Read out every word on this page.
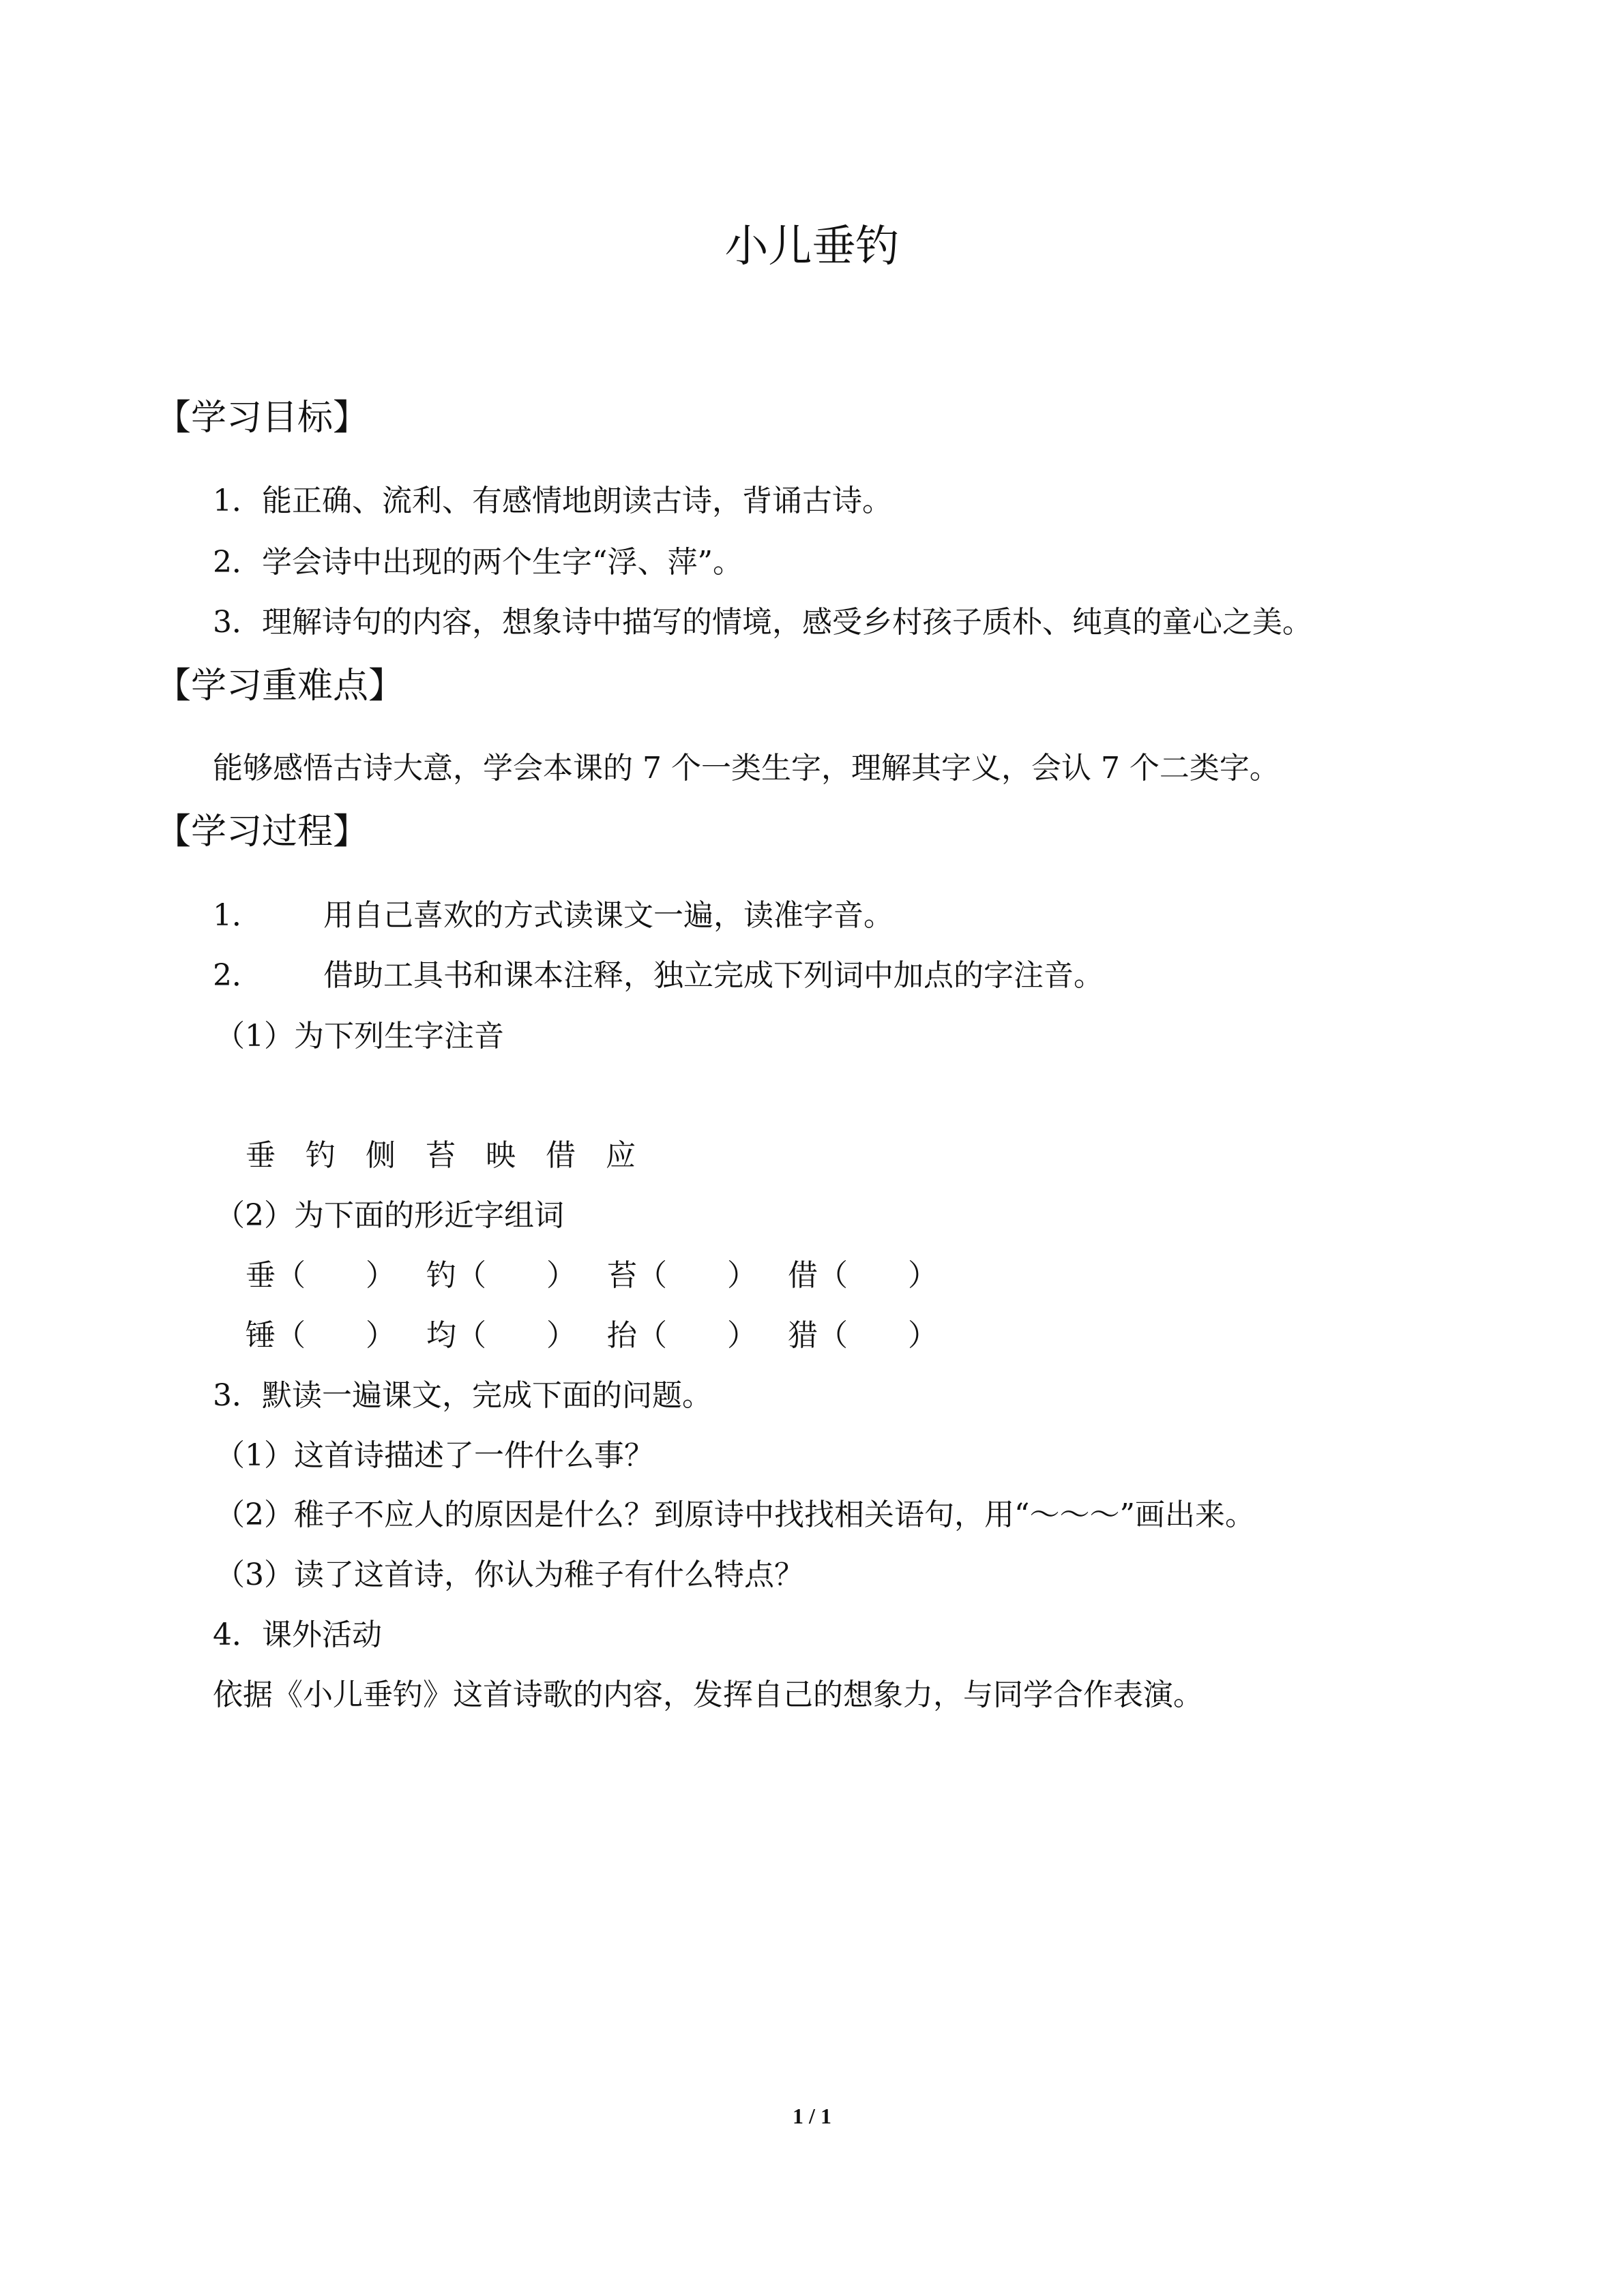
小儿垂钓
【学习目标】
1．能正确、流利、有感情地朗读古诗，背诵古诗。
2．学会诗中出现的两个生字“浮、萍”。
3．理解诗句的内容，想象诗中描写的情境，感受乡村孩子质朴、纯真的童心之美。
【学习重难点】
能够感悟古诗大意，学会本课的 7 个一类生字，理解其字义，会认 7 个二类字。
【学习过程】
1． 用自己喜欢的方式读课文一遍，读准字音。
2． 借助工具书和课本注释，独立完成下列词中加点的字注音。
（1）为下列生字注音
垂 钓 侧 苔 映 借 应
（2）为下面的形近字组词
垂（　　） 钓（　　） 苔（　　） 借（　　）
锤（　　） 均（　　） 抬（　　） 猎（　　）
3．默读一遍课文，完成下面的问题。
（1）这首诗描述了一件什么事？
（2）稚子不应人的原因是什么？到原诗中找找相关语句，用“～～～”画出来。
（3）读了这首诗，你认为稚子有什么特点？
4．课外活动
依据《小儿垂钓》这首诗歌的内容，发挥自己的想象力，与同学合作表演。
1 / 1
